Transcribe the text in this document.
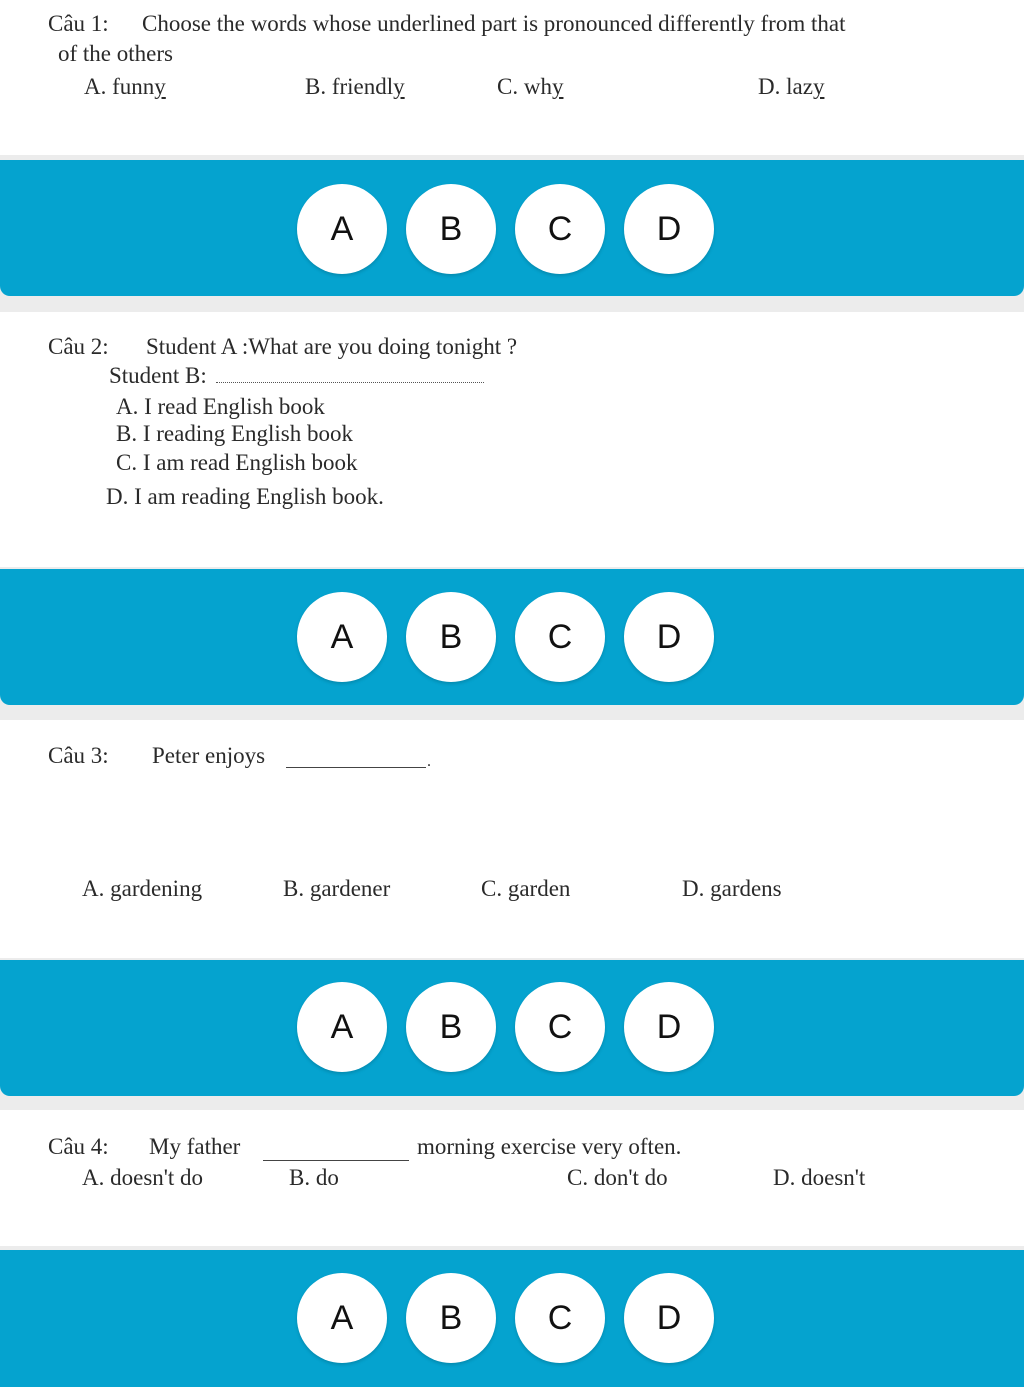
Câu 1: Choose the words whose underlined part is pronounced differently from that
of the others
A. funny	B. friendly	C. why	D. lazy
A	B	C	D
Câu 2: Student A :What are you doing tonight ?
Student B:
A. I read English book
B. I reading English book
C. I am read English book
D. I am reading English book.
A	B	C	D
Câu 3: Peter enjoys	.
A. gardening	B. gardener	C. garden	D. gardens
A	B	C	D
Câu 4: My father	morning exercise very often.
A. doesn't do	B. do	C. don't do	D. doesn't
A	B	C	D
